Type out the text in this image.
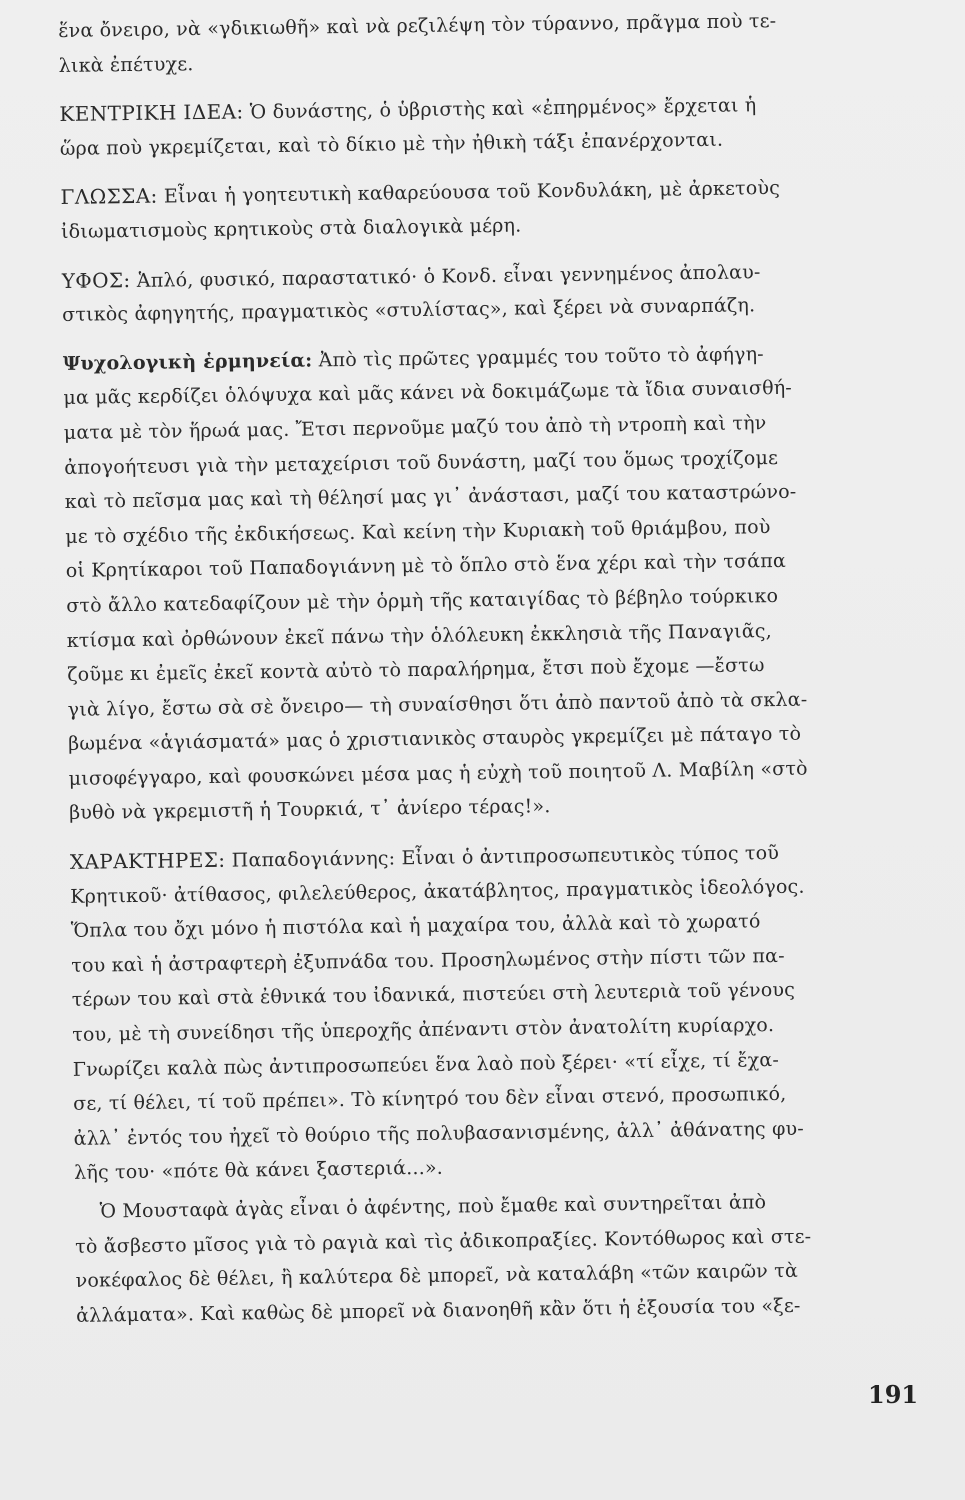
ἕνα ὄνειρο, νὰ «γδικιωθῆ» καὶ νὰ ρεζιλέψη τὸν τύραννο, πρᾶγμα ποὺ τε-
λικὰ ἐπέτυχε.
ΚΕΝΤΡΙΚΗ ΙΔΕΑ: Ὁ δυνάστης, ὁ ὑβριστὴς καὶ «ἐπηρμένος» ἔρχεται ἡ
ὥρα ποὺ γκρεμίζεται, καὶ τὸ δίκιο μὲ τὴν ἠθικὴ τάξι ἐπανέρχονται.
ΓΛΩΣΣΑ: Εἶναι ἡ γοητευτικὴ καθαρεύουσα τοῦ Κονδυλάκη, μὲ ἀρκετοὺς
ἰδιωματισμοὺς κρητικοὺς στὰ διαλογικὰ μέρη.
ΥΦΟΣ: Ἁπλό, φυσικό, παραστατικό· ὁ Κονδ. εἶναι γεννημένος ἀπολαυ-
στικὸς ἀφηγητής, πραγματικὸς «στυλίστας», καὶ ξέρει νὰ συναρπάζη.
Ψυχολογικὴ ἑρμηνεία: Ἀπὸ τὶς πρῶτες γραμμές του τοῦτο τὸ ἀφήγη-
μα μᾶς κερδίζει ὁλόψυχα καὶ μᾶς κάνει νὰ δοκιμάζωμε τὰ ἴδια συναισθή-
ματα μὲ τὸν ἥρωά μας. Ἔτσι περνοῦμε μαζύ του ἀπὸ τὴ ντροπὴ καὶ τὴν
ἀπογοήτευσι γιὰ τὴν μεταχείρισι τοῦ δυνάστη, μαζί του ὅμως τροχίζομε
καὶ τὸ πεῖσμα μας καὶ τὴ θέλησί μας γι᾿ ἀνάστασι, μαζί του καταστρώνο-
με τὸ σχέδιο τῆς ἐκδικήσεως. Καὶ κείνη τὴν Κυριακὴ τοῦ θριάμβου, ποὺ
οἱ Κρητίκαροι τοῦ Παπαδογιάννη μὲ τὸ ὅπλο στὸ ἕνα χέρι καὶ τὴν τσάπα
στὸ ἄλλο κατεδαφίζουν μὲ τὴν ὁρμὴ τῆς καταιγίδας τὸ βέβηλο τούρκικο
κτίσμα καὶ ὀρθώνουν ἐκεῖ πάνω τὴν ὁλόλευκη ἐκκλησιὰ τῆς Παναγιᾶς,
ζοῦμε κι ἐμεῖς ἐκεῖ κοντὰ αὐτὸ τὸ παραλήρημα, ἔτσι ποὺ ἔχομε —ἔστω
γιὰ λίγο, ἔστω σὰ σὲ ὄνειρο— τὴ συναίσθησι ὅτι ἀπὸ παντοῦ ἀπὸ τὰ σκλα-
βωμένα «ἁγιάσματά» μας ὁ χριστιανικὸς σταυρὸς γκρεμίζει μὲ πάταγο τὸ
μισοφέγγαρο, καὶ φουσκώνει μέσα μας ἡ εὐχὴ τοῦ ποιητοῦ Λ. Μαβίλη «στὸ
βυθὸ νὰ γκρεμιστῆ ἡ Τουρκιά, τ᾿ ἀνίερο τέρας!».
ΧΑΡΑΚΤΗΡΕΣ: Παπαδογιάννης: Εἶναι ὁ ἀντιπροσωπευτικὸς τύπος τοῦ
Κρητικοῦ· ἀτίθασος, φιλελεύθερος, ἀκατάβλητος, πραγματικὸς ἰδεολόγος.
Ὅπλα του ὄχι μόνο ἡ πιστόλα καὶ ἡ μαχαίρα του, ἀλλὰ καὶ τὸ χωρατό
του καὶ ἡ ἀστραφτερὴ ἐξυπνάδα του. Προσηλωμένος στὴν πίστι τῶν πα-
τέρων του καὶ στὰ ἐθνικά του ἰδανικά, πιστεύει στὴ λευτεριὰ τοῦ γένους
του, μὲ τὴ συνείδησι τῆς ὑπεροχῆς ἀπέναντι στὸν ἀνατολίτη κυρίαρχο.
Γνωρίζει καλὰ πὼς ἀντιπροσωπεύει ἕνα λαὸ ποὺ ξέρει· «τί εἶχε, τί ἔχα-
σε, τί θέλει, τί τοῦ πρέπει». Τὸ κίνητρό του δὲν εἶναι στενό, προσωπικό,
ἀλλ᾿ ἐντός του ἠχεῖ τὸ θούριο τῆς πολυβασανισμένης, ἀλλ᾿ ἀθάνατης φυ-
λῆς του· «πότε θὰ κάνει ξαστεριά...».
Ὁ Μουσταφὰ ἀγὰς εἶναι ὁ ἀφέντης, ποὺ ἔμαθε καὶ συντηρεῖται ἀπὸ
τὸ ἄσβεστο μῖσος γιὰ τὸ ραγιὰ καὶ τὶς ἀδικοπραξίες. Κοντόθωρος καὶ στε-
νοκέφαλος δὲ θέλει, ἢ καλύτερα δὲ μπορεῖ, νὰ καταλάβη «τῶν καιρῶν τὰ
ἀλλάματα». Καὶ καθὼς δὲ μπορεῖ νὰ διανοηθῆ κἂν ὅτι ἡ ἐξουσία του «ξε-
191
